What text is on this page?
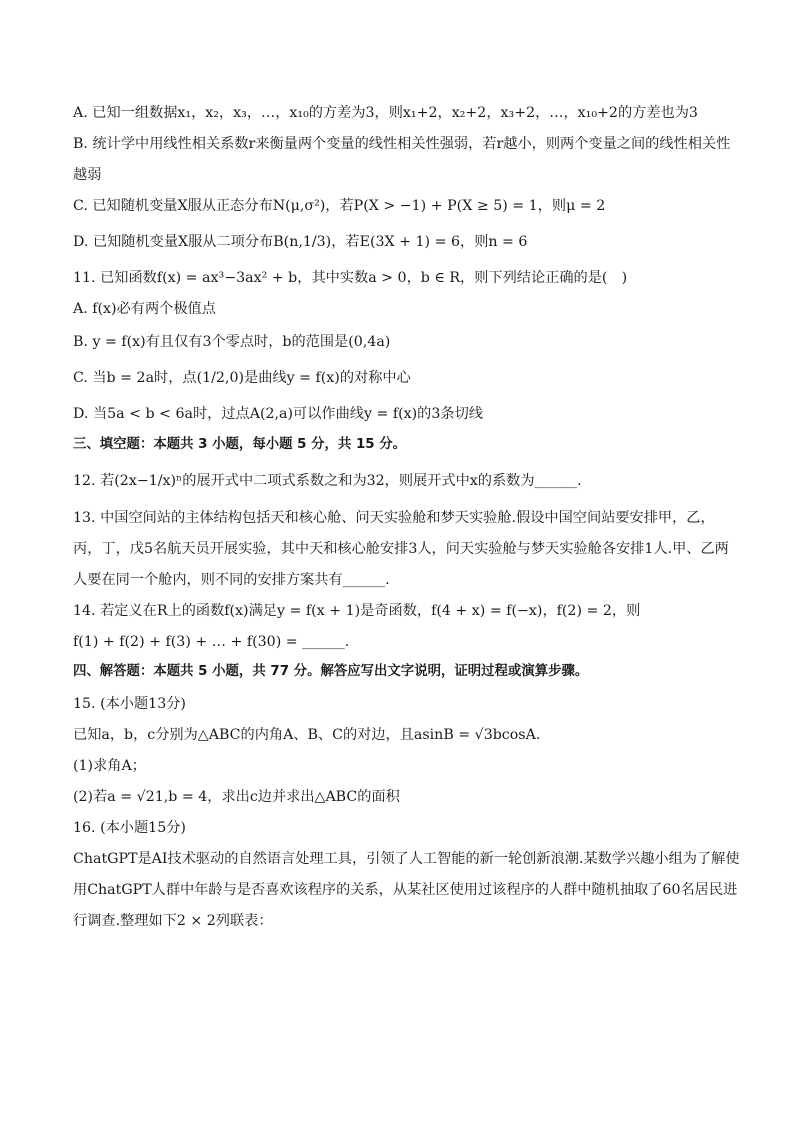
A. 已知一组数据x₁，x₂，x₃，…，x₁₀的方差为3，则x₁+2，x₂+2，x₃+2，…，x₁₀+2的方差也为3
B. 统计学中用线性相关系数r来衡量两个变量的线性相关性强弱，若r越小，则两个变量之间的线性相关性
越弱
C. 已知随机变量X服从正态分布N(μ,σ²)，若P(X > −1) + P(X ≥ 5) = 1，则μ = 2
D. 已知随机变量X服从二项分布B(n,1/3)，若E(3X + 1) = 6，则n = 6
11. 已知函数f(x) = ax³−3ax² + b，其中实数a > 0，b ∈ R，则下列结论正确的是(　)
A. f(x)必有两个极值点
B. y = f(x)有且仅有3个零点时，b的范围是(0,4a)
C. 当b = 2a时，点(1/2,0)是曲线y = f(x)的对称中心
D. 当5a < b < 6a时，过点A(2,a)可以作曲线y = f(x)的3条切线
三、填空题：本题共 3 小题，每小题 5 分，共 15 分。
12. 若(2x−1/x)ⁿ的展开式中二项式系数之和为32，则展开式中x的系数为______.
13. 中国空间站的主体结构包括天和核心舱、问天实验舱和梦天实验舱.假设中国空间站要安排甲，乙，
丙，丁，戊5名航天员开展实验，其中天和核心舱安排3人，问天实验舱与梦天实验舱各安排1人.甲、乙两
人要在同一个舱内，则不同的安排方案共有______.
14. 若定义在R上的函数f(x)满足y = f(x + 1)是奇函数，f(4 + x) = f(−x)，f(2) = 2，则
f(1) + f(2) + f(3) + … + f(30) = ______.
四、解答题：本题共 5 小题，共 77 分。解答应写出文字说明，证明过程或演算步骤。
15. (本小题13分)
已知a，b，c分别为△ABC的内角A、B、C的对边，且asinB = √3bcosA.
(1)求角A；
(2)若a = √21,b = 4，求出c边并求出△ABC的面积
16. (本小题15分)
ChatGPT是AI技术驱动的自然语言处理工具，引领了人工智能的新一轮创新浪潮.某数学兴趣小组为了解使
用ChatGPT人群中年龄与是否喜欢该程序的关系，从某社区使用过该程序的人群中随机抽取了60名居民进
行调查.整理如下2 × 2列联表：
